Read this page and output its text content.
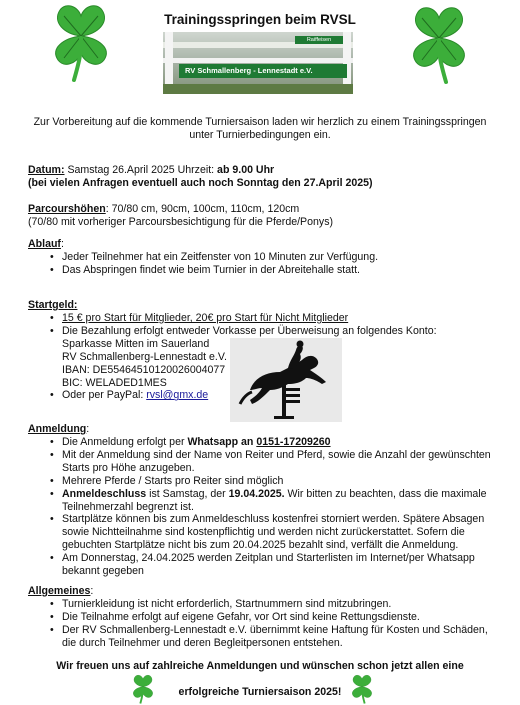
Trainingsspringen beim RVSL
Raiffeisen
RV Schmallenberg - Lennestadt e.V.
Zur Vorbereitung auf die kommende Turniersaison laden wir herzlich zu einem Trainingsspringen unter Turnierbedingungen ein.
Datum: Samstag 26.April 2025 Uhrzeit: ab 9.00 Uhr
(bei vielen Anfragen eventuell auch noch Sonntag den 27.April 2025)
Parcourshöhen: 70/80 cm, 90cm, 100cm, 110cm, 120cm
(70/80 mit vorheriger Parcoursbesichtigung für die Pferde/Ponys)
Ablauf:
• Jeder Teilnehmer hat ein Zeitfenster von 10 Minuten zur Verfügung.
• Das Abspringen findet wie beim Turnier in der Abreitehalle statt.
Startgeld:
• 15 € pro Start für Mitglieder, 20€ pro Start für Nicht Mitglieder
• Die Bezahlung erfolgt entweder Vorkasse per Überweisung an folgendes Konto:
Sparkasse Mitten im Sauerland
RV Schmallenberg-Lennestadt e.V.
IBAN: DE55464510120026004077
BIC: WELADED1MES
• Oder per PayPal: rvsl@gmx.de
Anmeldung:
• Die Anmeldung erfolgt per Whatsapp an 0151-17209260
• Mit der Anmeldung sind der Name von Reiter und Pferd, sowie die Anzahl der gewünschten Starts pro Höhe anzugeben.
• Mehrere Pferde / Starts pro Reiter sind möglich
• Anmeldeschluss ist Samstag, der 19.04.2025. Wir bitten zu beachten, dass die maximale Teilnehmerzahl begrenzt ist.
• Startplätze können bis zum Anmeldeschluss kostenfrei storniert werden. Spätere Absagen sowie Nichtteilnahme sind kostenpflichtig und werden nicht zurückerstattet. Sofern die gebuchten Startplätze nicht bis zum 20.04.2025 bezahlt sind, verfällt die Anmeldung.
• Am Donnerstag, 24.04.2025 werden Zeitplan und Starterlisten im Internet/per Whatsapp bekannt gegeben
Allgemeines:
• Turnierkleidung ist nicht erforderlich, Startnummern sind mitzubringen.
• Die Teilnahme erfolgt auf eigene Gefahr, vor Ort sind keine Rettungsdienste.
• Der RV Schmallenberg-Lennestadt e.V. übernimmt keine Haftung für Kosten und Schäden, die durch Teilnehmer und deren Begleitpersonen entstehen.
Wir freuen uns auf zahlreiche Anmeldungen und wünschen schon jetzt allen eine
erfolgreiche Turniersaison 2025!
